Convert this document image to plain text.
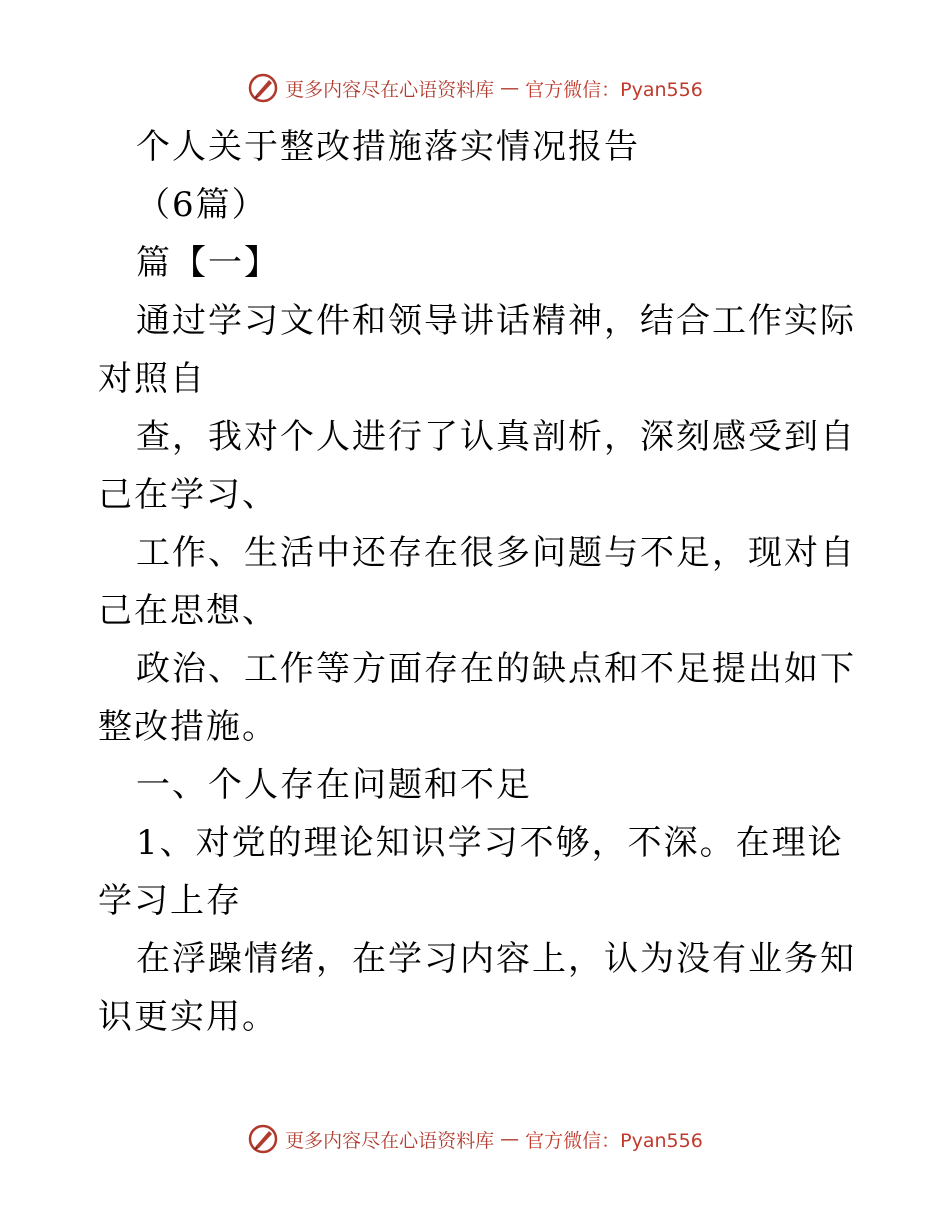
更多内容尽在心语资料库 — 官方微信：Pyan556

个人关于整改措施落实情况报告

（6篇）

篇【一】

通过学习文件和领导讲话精神，结合工作实际对照自

查，我对个人进行了认真剖析，深刻感受到自己在学习、

工作、生活中还存在很多问题与不足，现对自己在思想、

政治、工作等方面存在的缺点和不足提出如下整改措施。

一、个人存在问题和不足

1、对党的理论知识学习不够，不深。在理论学习上存

在浮躁情绪，在学习内容上，认为没有业务知识更实用。

更多内容尽在心语资料库 — 官方微信：Pyan556
